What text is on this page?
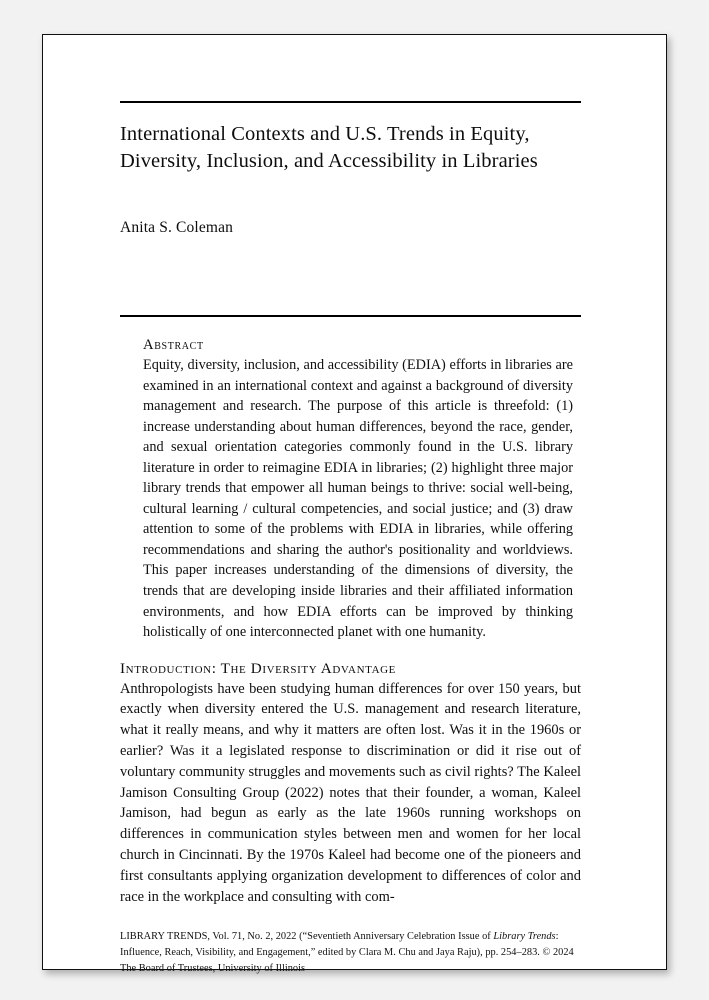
International Contexts and U.S. Trends in Equity,
Diversity, Inclusion, and Accessibility in Libraries
Anita S. Coleman
Abstract

Equity, diversity, inclusion, and accessibility (EDIA) efforts in libraries are examined in an international context and against a background of diversity management and research. The purpose of this article is threefold: (1) increase understanding about human differences, beyond the race, gender, and sexual orientation categories commonly found in the U.S. library literature in order to reimagine EDIA in libraries; (2) highlight three major library trends that empower all human beings to thrive: social well-being, cultural learning / cultural competencies, and social justice; and (3) draw attention to some of the problems with EDIA in libraries, while offering recommendations and sharing the author's positionality and worldviews. This paper increases understanding of the dimensions of diversity, the trends that are developing inside libraries and their affiliated information environments, and how EDIA efforts can be improved by thinking holistically of one interconnected planet with one humanity.

Introduction: The Diversity Advantage

Anthropologists have been studying human differences for over 150 years, but exactly when diversity entered the U.S. management and research literature, what it really means, and why it matters are often lost. Was it in the 1960s or earlier? Was it a legislated response to discrimination or did it rise out of voluntary community struggles and movements such as civil rights? The Kaleel Jamison Consulting Group (2022) notes that their founder, a woman, Kaleel Jamison, had begun as early as the late 1960s running workshops on differences in communication styles between men and women for her local church in Cincinnati. By the 1970s Kaleel had become one of the pioneers and first consultants applying organization development to differences of color and race in the workplace and consulting with com-

LIBRARY TRENDS, Vol. 71, No. 2, 2022 (“Seventieth Anniversary Celebration Issue of Library Trends: Influence, Reach, Visibility, and Engagement,” edited by Clara M. Chu and Jaya Raju), pp. 254–283. © 2024 The Board of Trustees, University of Illinois
